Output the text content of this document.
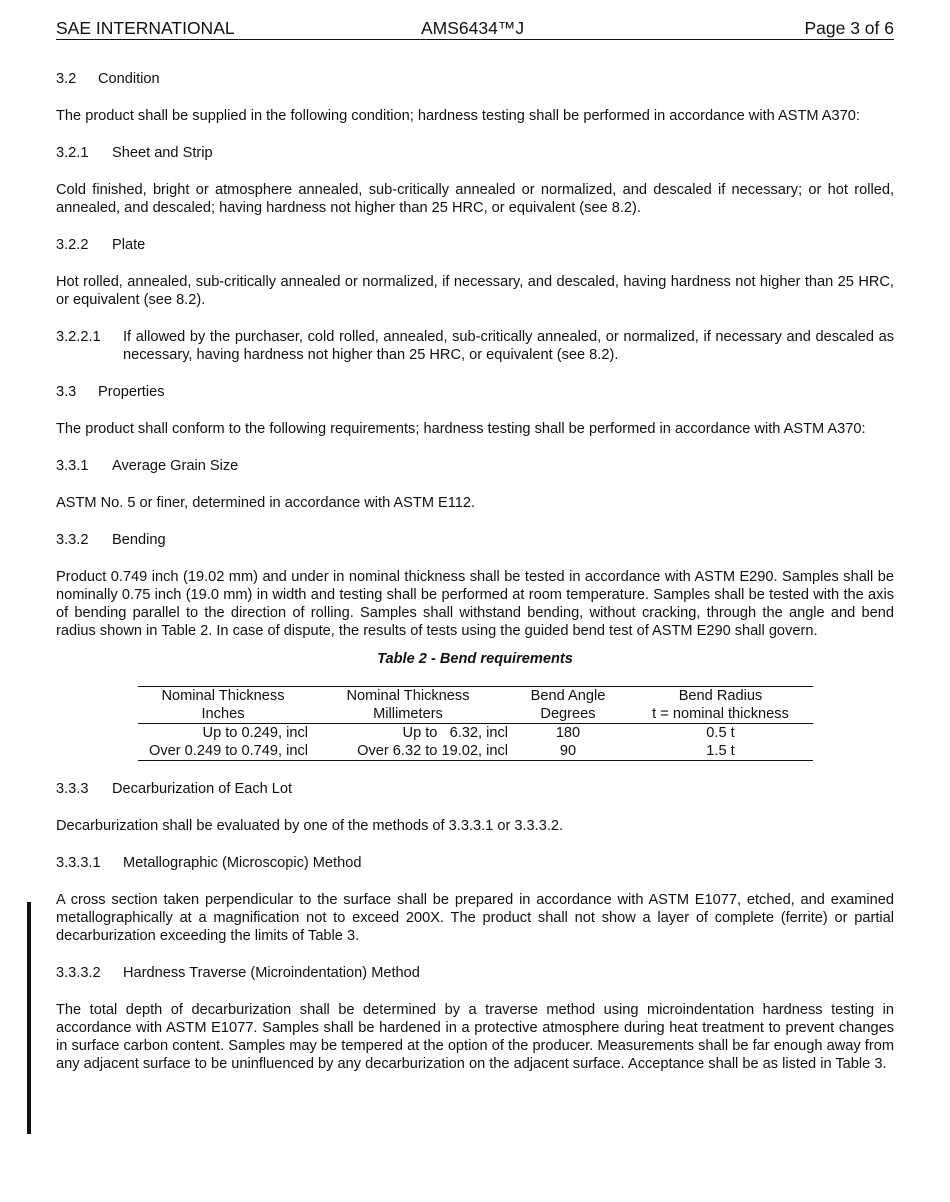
SAE INTERNATIONAL	AMS6434™J	Page 3 of 6
3.2 Condition

The product shall be supplied in the following condition; hardness testing shall be performed in accordance with ASTM A370:

3.2.1 Sheet and Strip

Cold finished, bright or atmosphere annealed, sub-critically annealed or normalized, and descaled if necessary; or hot rolled, annealed, and descaled; having hardness not higher than 25 HRC, or equivalent (see 8.2).

3.2.2 Plate

Hot rolled, annealed, sub-critically annealed or normalized, if necessary, and descaled, having hardness not higher than 25 HRC, or equivalent (see 8.2).

3.2.2.1	If allowed by the purchaser, cold rolled, annealed, sub-critically annealed, or normalized, if necessary and descaled as necessary, having hardness not higher than 25 HRC, or equivalent (see 8.2).
3.3 Properties

The product shall conform to the following requirements; hardness testing shall be performed in accordance with ASTM A370:

3.3.1 Average Grain Size

ASTM No. 5 or finer, determined in accordance with ASTM E112.

3.3.2 Bending

Product 0.749 inch (19.02 mm) and under in nominal thickness shall be tested in accordance with ASTM E290. Samples shall be nominally 0.75 inch (19.0 mm) in width and testing shall be performed at room temperature. Samples shall be tested with the axis of bending parallel to the direction of rolling. Samples shall withstand bending, without cracking, through the angle and bend radius shown in Table 2. In case of dispute, the results of tests using the guided bend test of ASTM E290 shall govern.

Table 2 - Bend requirements
Nominal Thickness	Nominal Thickness	Bend Angle	Bend Radius
Inches	Millimeters	Degrees	t = nominal thickness
Up to 0.249, incl	Up to   6.32, incl	180	0.5 t
Over 0.249 to 0.749, incl	Over 6.32 to 19.02, incl	90	1.5 t
3.3.3 Decarburization of Each Lot

Decarburization shall be evaluated by one of the methods of 3.3.3.1 or 3.3.3.2.

3.3.3.1 Metallographic (Microscopic) Method

A cross section taken perpendicular to the surface shall be prepared in accordance with ASTM E1077, etched, and examined metallographically at a magnification not to exceed 200X. The product shall not show a layer of complete (ferrite) or partial decarburization exceeding the limits of Table 3.

3.3.3.2 Hardness Traverse (Microindentation) Method

The total depth of decarburization shall be determined by a traverse method using microindentation hardness testing in accordance with ASTM E1077. Samples shall be hardened in a protective atmosphere during heat treatment to prevent changes in surface carbon content. Samples may be tempered at the option of the producer. Measurements shall be far enough away from any adjacent surface to be uninfluenced by any decarburization on the adjacent surface. Acceptance shall be as listed in Table 3.
